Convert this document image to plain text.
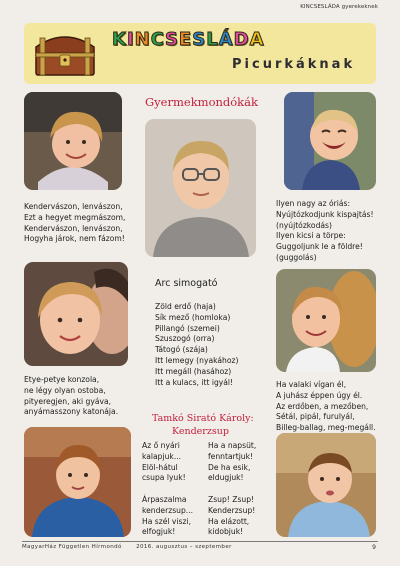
KINCSESLÁDA gyerekeknek
K I N C S E S L Á D A
Picurkáknak
Gyermekmondókák
Arc simogató
Kendervászon, lenvászon,
Ezt a hegyet megmászom,
Kendervászon, lenvászon,
Hogyha járok, nem fázom!
Ilyen nagy az óriás:
Nyújtózkodjunk kispajtás!
(nyújtózkodás)
Ilyen kicsi a törpe:
Guggoljunk le a földre!
(guggolás)
Zöld erdő (haja)
Sík mező (homloka)
Pillangó (szemei)
Szuszogó (orra)
Tátogó (szája)
Itt lemegy (nyakához)
Itt megáll (hasához)
Itt a kulacs, itt igyál!
Etye-petye konzola,
ne légy olyan ostoba,
pityeregjen, aki gyáva,
anyámasszony katonája.
Ha valaki vígan él,
A juhász éppen úgy él.
Az erdőben, a mezőben,
Sétál, pipál, furulyál,
Billeg-ballag, meg-megáll.
Tamkó Sirató Károly:
Kenderzsup
Az ő nyári
kalapjuk...
Elöl-hátul
csupa lyuk!

Árpaszalma
kenderzsup...
Ha szél viszi,
elfogjuk!
Ha a napsüt,
fenntartjuk!
De ha esik,
eldugjuk!

Zsup! Zsup!
Kenderzsup!
Ha elázott,
kidobjuk!
MagyarHáz Független Hírmondó	2016. augusztus – szeptember	9
